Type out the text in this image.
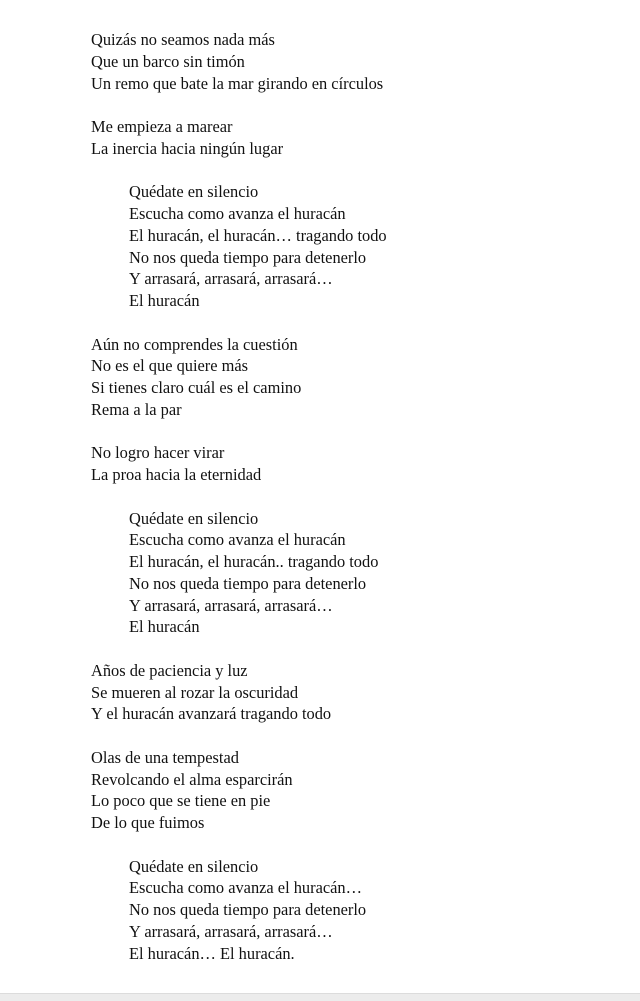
Quizás no seamos nada más
Que un barco sin timón
Un remo que bate la mar girando en círculos
Me empieza a marear
La inercia hacia ningún lugar
Quédate en silencio
Escucha como avanza el huracán
El huracán, el huracán… tragando todo
No nos queda tiempo para detenerlo
Y arrasará, arrasará, arrasará…
El huracán
Aún no comprendes la cuestión
No es el que quiere más
Si tienes claro cuál es el camino
Rema a la par
No logro hacer virar
La proa hacia la eternidad
Quédate en silencio
Escucha como avanza el huracán
El huracán, el huracán.. tragando todo
No nos queda tiempo para detenerlo
Y arrasará, arrasará, arrasará…
El huracán
Años de paciencia y luz
Se mueren al rozar la oscuridad
Y el huracán avanzará tragando todo
Olas de una tempestad
Revolcando el alma esparcirán
Lo poco que se tiene en pie
De lo que fuimos
Quédate en silencio
Escucha como avanza el huracán…
No nos queda tiempo para detenerlo
Y arrasará, arrasará, arrasará…
El huracán… El huracán.
